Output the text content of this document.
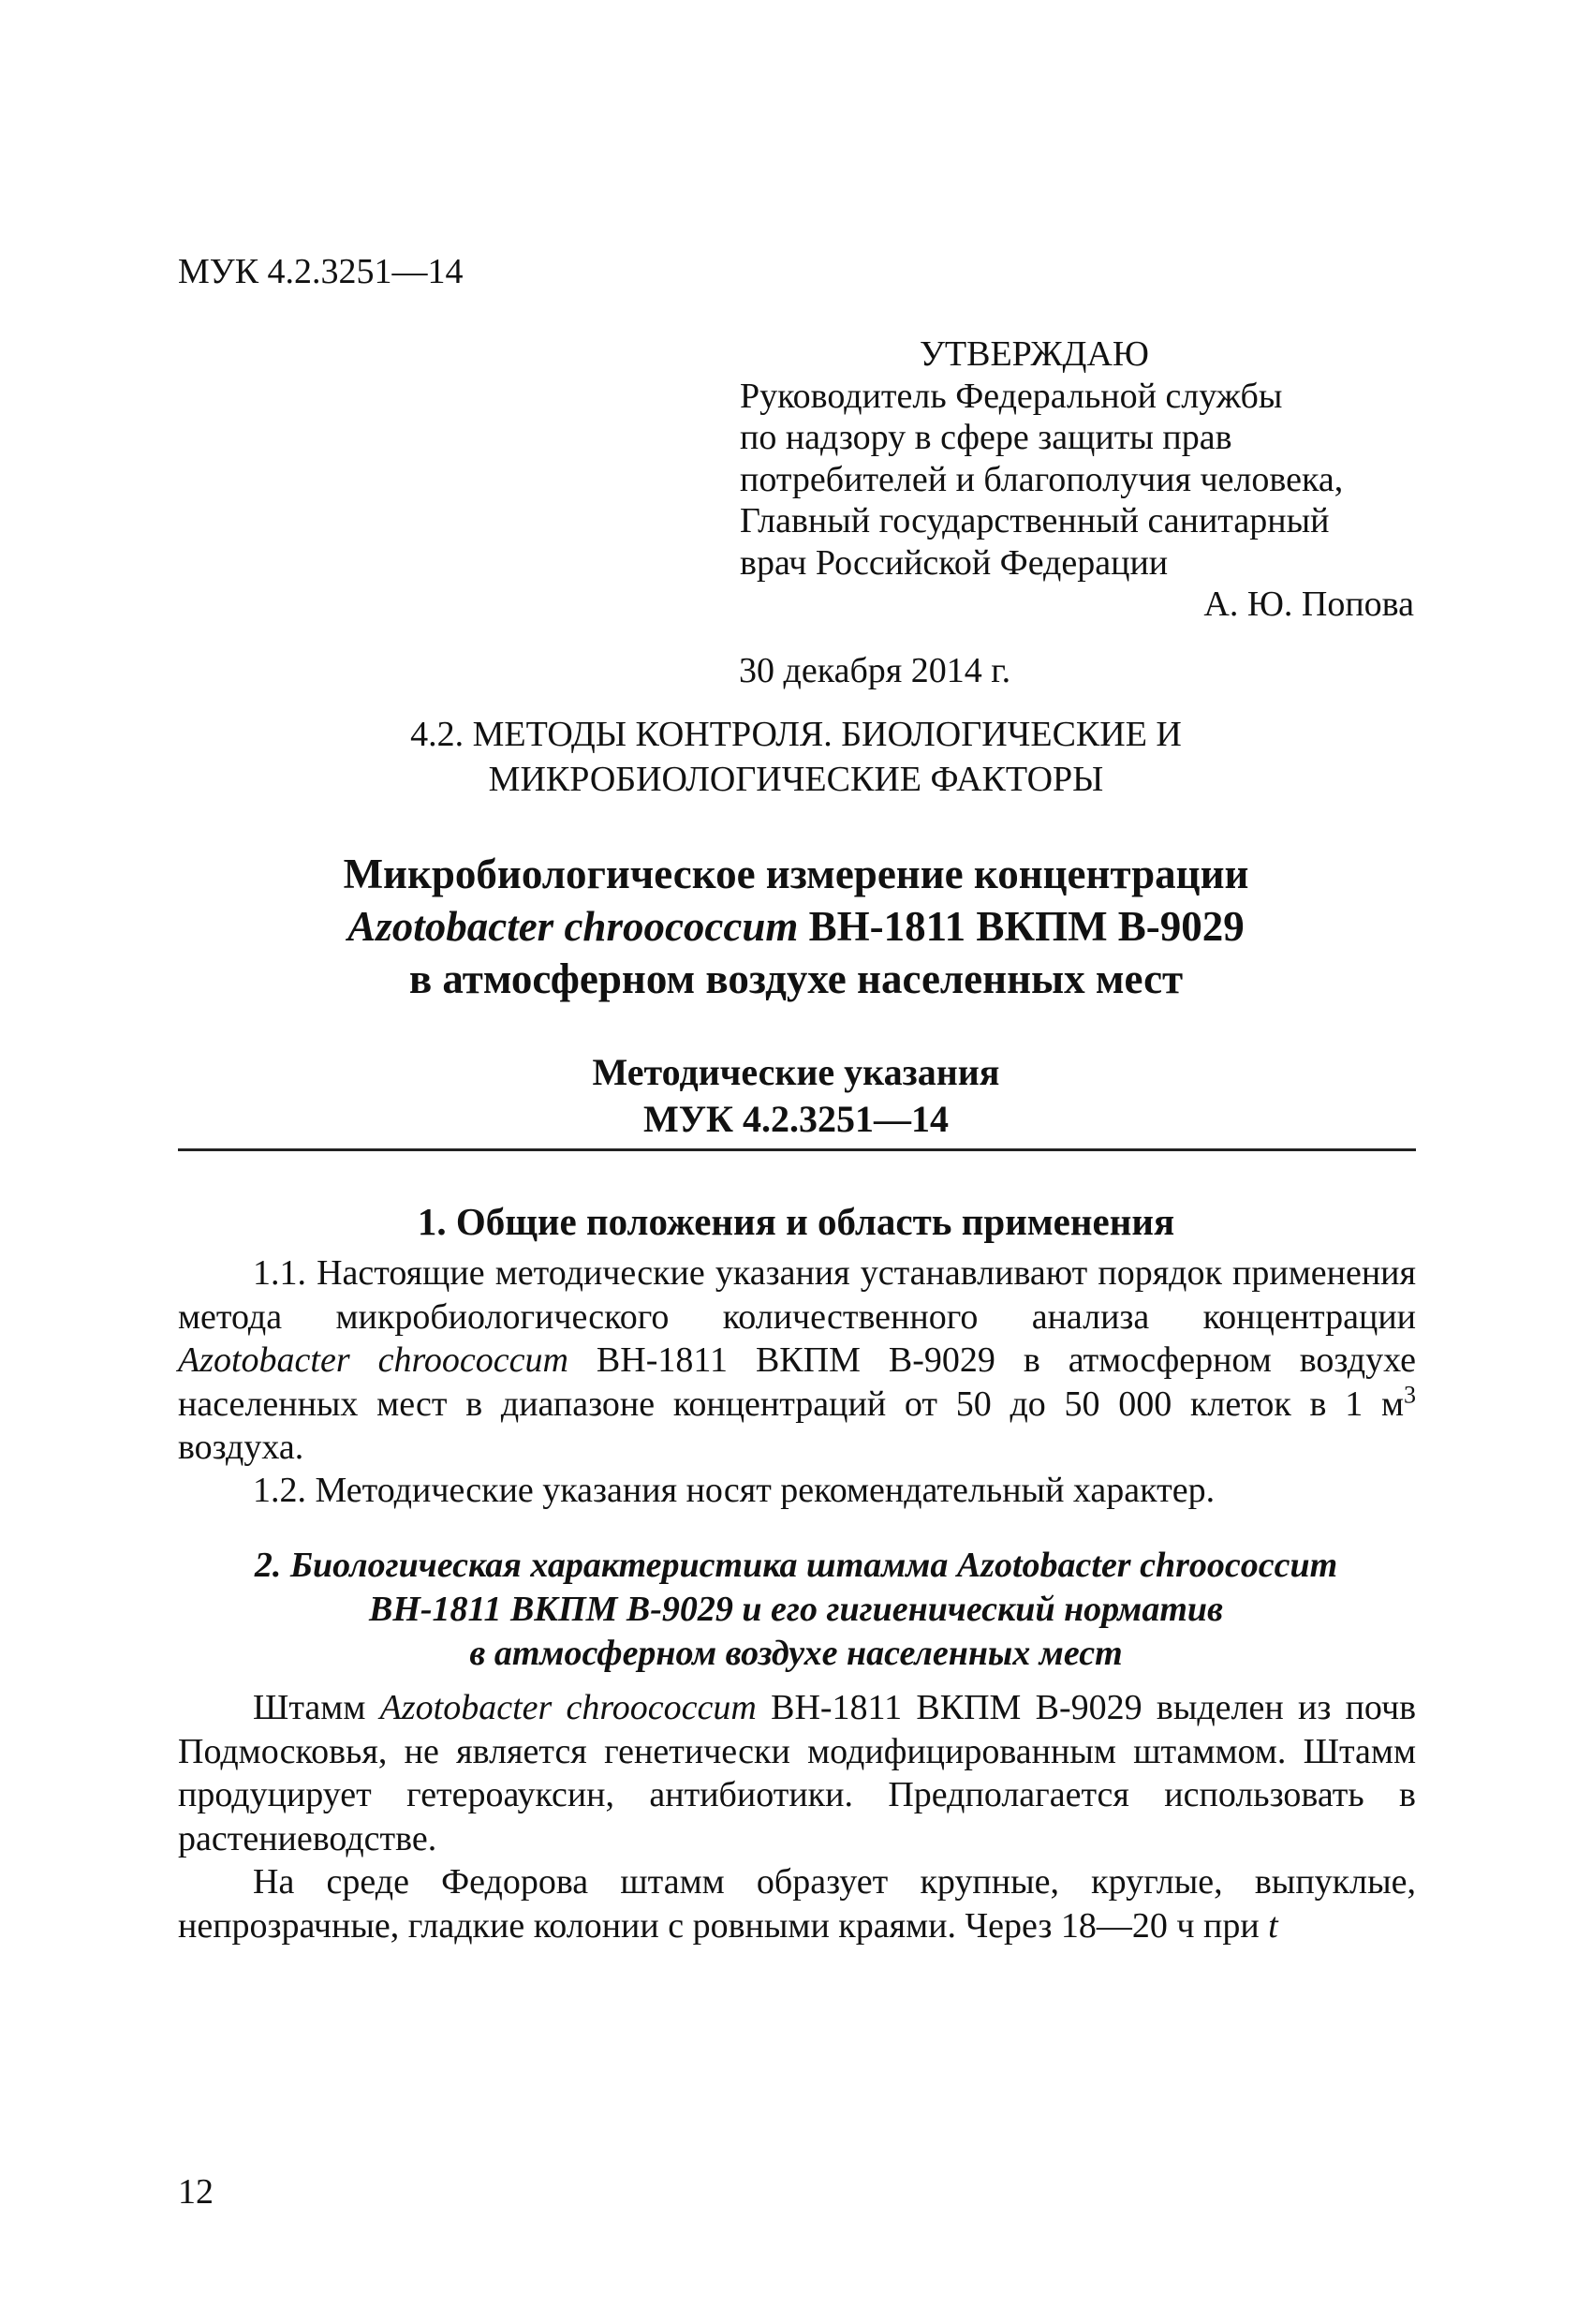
МУК 4.2.3251—14
УТВЕРЖДАЮ
Руководитель Федеральной службы
по надзору в сфере защиты прав
потребителей и благополучия человека,
Главный государственный санитарный
врач Российской Федерации
А. Ю. Попова
30 декабря 2014 г.
4.2. МЕТОДЫ КОНТРОЛЯ. БИОЛОГИЧЕСКИЕ И
МИКРОБИОЛОГИЧЕСКИЕ ФАКТОРЫ
Микробиологическое измерение концентрации
Azotobacter chroococcum ВН-1811 ВКПМ В-9029
в атмосферном воздухе населенных мест
Методические указания
МУК 4.2.3251—14
1. Общие положения и область применения
1.1. Настоящие методические указания устанавливают порядок применения метода микробиологического количественного анализа концентрации Azotobacter chroococcum ВН-1811 ВКПМ В-9029 в атмосферном воздухе населенных мест в диапазоне концентраций от 50 до 50 000 клеток в 1 $м^3$ воздуха.
1.2. Методические указания носят рекомендательный характер.
2. Биологическая характеристика штамма Azotobacter chroococcum
ВН-1811 ВКПМ В-9029 и его гигиенический норматив
в атмосферном воздухе населенных мест
Штамм Azotobacter chroococcum ВН-1811 ВКПМ В-9029 выделен из почв Подмосковья, не является генетически модифицированным штаммом. Штамм продуцирует гетероауксин, антибиотики. Предполагается использовать в растениеводстве.
На среде Федорова штамм образует крупные, круглые, выпуклые, непрозрачные, гладкие колонии с ровными краями. Через 18—20 ч при t
12
